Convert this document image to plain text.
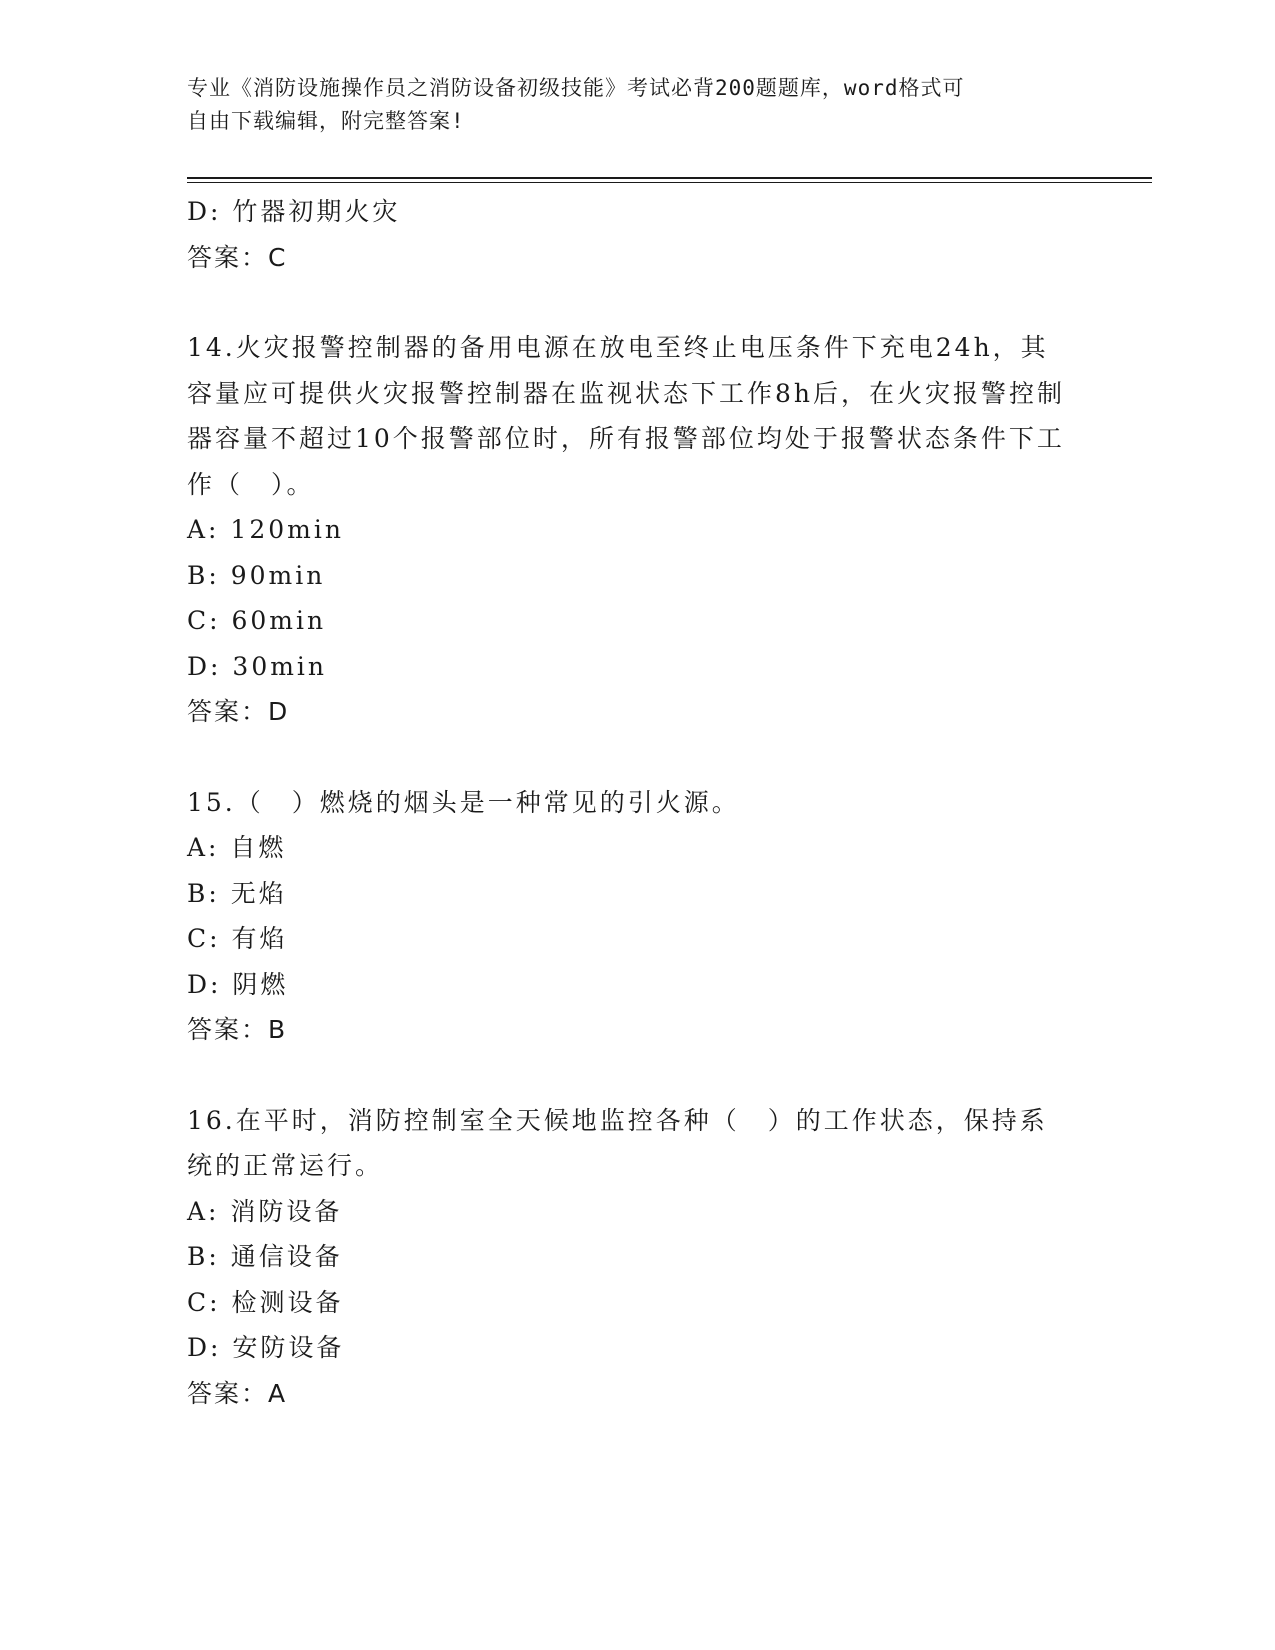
专业《消防设施操作员之消防设备初级技能》考试必背200题题库，word格式可
自由下载编辑，附完整答案!
D: 竹器初期火灾
答案：C
14.火灾报警控制器的备用电源在放电至终止电压条件下充电24h，其容量应可提供火灾报警控制器在监视状态下工作8h后，在火灾报警控制器容量不超过10个报警部位时，所有报警部位均处于报警状态条件下工作（　）。
A: 120min
B: 90min
C: 60min
D: 30min
答案：D
15.（　）燃烧的烟头是一种常见的引火源。
A: 自燃
B: 无焰
C: 有焰
D: 阴燃
答案：B
16.在平时，消防控制室全天候地监控各种（　）的工作状态，保持系统的正常运行。
A: 消防设备
B: 通信设备
C: 检测设备
D: 安防设备
答案：A
